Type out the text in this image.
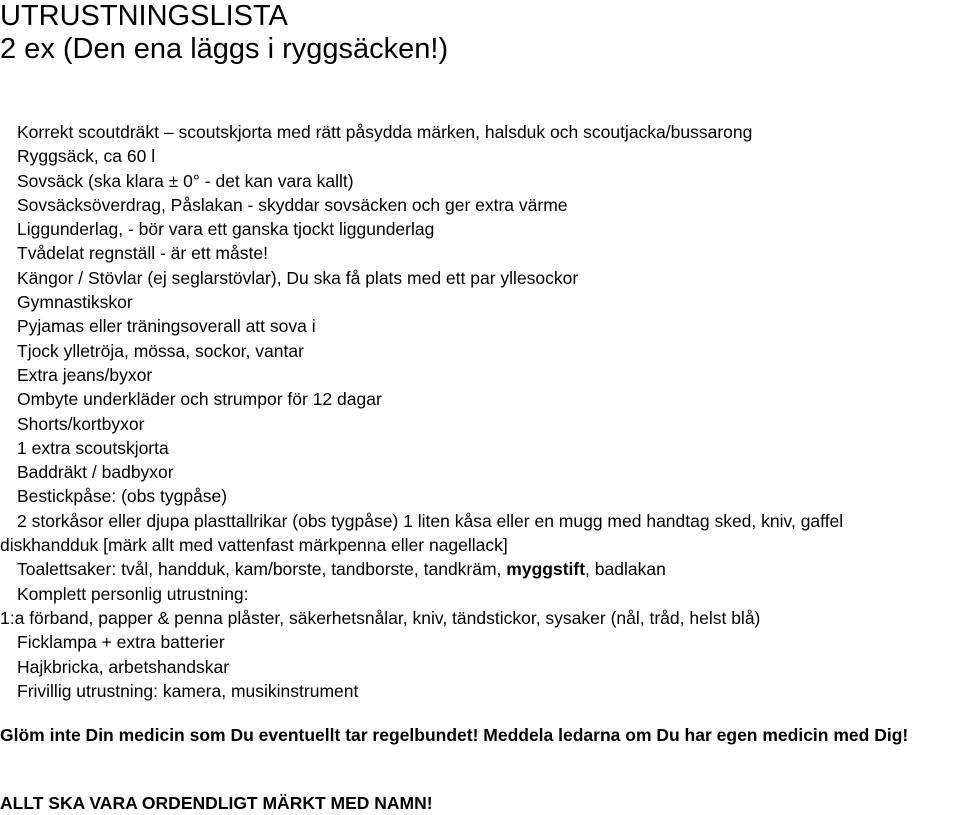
UTRUSTNINGSLISTA
2 ex (Den ena läggs i ryggsäcken!)
Korrekt scoutdräkt – scoutskjorta med rätt påsydda märken, halsduk och scoutjacka/bussarong
Ryggsäck, ca 60 l
Sovsäck (ska klara ± 0° - det kan vara kallt)
Sovsäcksöverdrag, Påslakan - skyddar sovsäcken och ger extra värme
Liggunderlag, - bör vara ett ganska tjockt liggunderlag
Tvådelat regnställ - är ett måste!
Kängor / Stövlar (ej seglarstövlar), Du ska få plats med ett par yllesockor
Gymnastikskor
Pyjamas eller träningsoverall att sova i
Tjock ylletröja, mössa, sockor, vantar
Extra jeans/byxor
Ombyte underkläder och strumpor för 12 dagar
Shorts/kortbyxor
1 extra scoutskjorta
Baddräkt / badbyxor
Bestickpåse: (obs tygpåse)
2 storkåsor eller djupa plasttallrikar (obs tygpåse) 1 liten kåsa eller en mugg med handtag sked, kniv, gaffel
diskhandduk [märk allt med vattenfast märkpenna eller nagellack]
Toalettsaker: tvål, handduk, kam/borste, tandborste, tandkräm, myggstift, badlakan
Komplett personlig utrustning:
1:a förband, papper & penna plåster, säkerhetsnålar, kniv, tändstickor, sysaker (nål, tråd, helst blå)
Ficklampa + extra batterier
Hajkbricka, arbetshandskar
Frivillig utrustning: kamera, musikinstrument

Glöm inte Din medicin som Du eventuellt tar regelbundet! Meddela ledarna om Du har egen medicin med Dig!

ALLT SKA VARA ORDENDLIGT MÄRKT MED NAMN!
